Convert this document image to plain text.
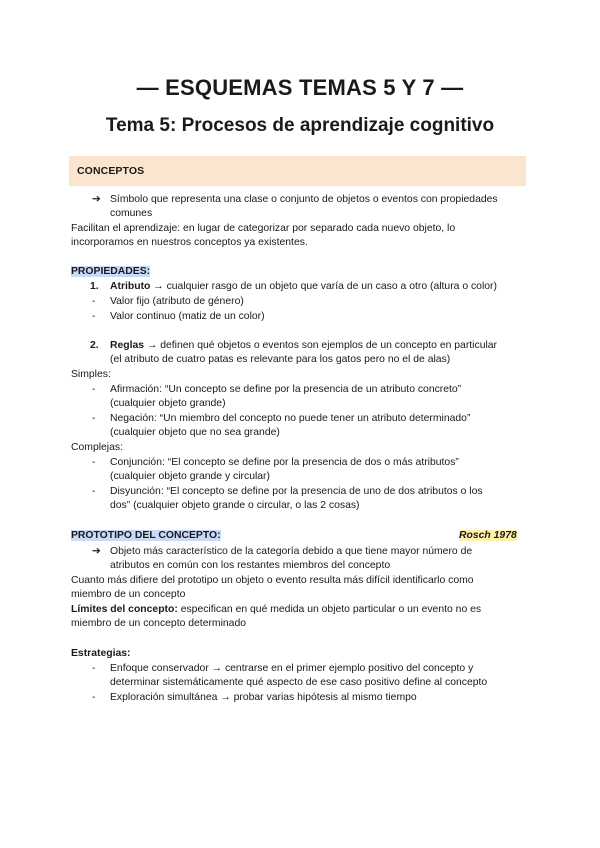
— ESQUEMAS TEMAS 5 Y 7 —
Tema 5: Procesos de aprendizaje cognitivo
CONCEPTOS
➔ Símbolo que representa una clase o conjunto de objetos o eventos con propiedades
comunes
Facilitan el aprendizaje: en lugar de categorizar por separado cada nuevo objeto, lo
incorporamos en nuestros conceptos ya existentes.
PROPIEDADES:
1. Atributo → cualquier rasgo de un objeto que varía de un caso a otro (altura o color)
- Valor fijo (atributo de género)
- Valor continuo (matiz de un color)
2. Reglas → definen qué objetos o eventos son ejemplos de un concepto en particular
(el atributo de cuatro patas es relevante para los gatos pero no el de alas)
Simples:
- Afirmación: “Un concepto se define por la presencia de un atributo concreto”
(cualquier objeto grande)
- Negación: “Un miembro del concepto no puede tener un atributo determinado”
(cualquier objeto que no sea grande)
Complejas:
- Conjunción: “El concepto se define por la presencia de dos o más atributos”
(cualquier objeto grande y circular)
- Disyunción: “El concepto se define por la presencia de uno de dos atributos o los
dos” (cualquier objeto grande o circular, o las 2 cosas)
PROTOTIPO DEL CONCEPTO:	Rosch 1978
➔ Objeto más característico de la categoría debido a que tiene mayor número de
atributos en común con los restantes miembros del concepto
Cuanto más difiere del prototipo un objeto o evento resulta más difícil identificarlo como
miembro de un concepto
Límites del concepto: especifican en qué medida un objeto particular o un evento no es
miembro de un concepto determinado
Estrategias:
- Enfoque conservador → centrarse en el primer ejemplo positivo del concepto y
determinar sistemáticamente qué aspecto de ese caso positivo define al concepto
- Exploración simultánea → probar varias hipótesis al mismo tiempo
